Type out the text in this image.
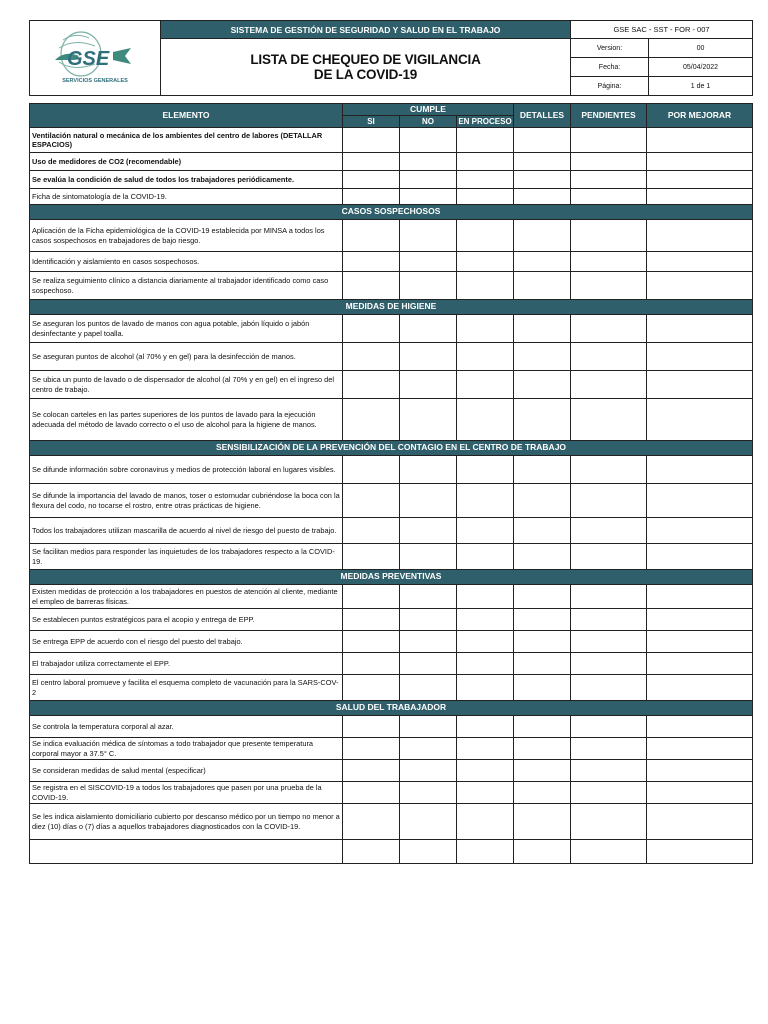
GSE
SERVICIOS GENERALES	SISTEMA DE GESTIÓN DE SEGURIDAD Y SALUD EN EL TRABAJO	GSE SAC - SST - FOR - 007	

	LISTA DE CHEQUEO DE VIGILANCIA
DE LA COVID-19	Version:	00
		Fecha:	05/04/2022
		Página:	1 de 1
ELEMENTO	CUMPLE			DETALLES	PENDIENTES	POR MEJORAR
	SI	NO	EN PROCESO			
Ventilación natural o mecánica de los ambientes del centro de labores (DETALLAR ESPACIOS)						
Uso de medidores de CO2 (recomendable)						
Se evalúa la condición de salud de todos los trabajadores periódicamente.						
Ficha de sintomatología de la COVID-19.						
CASOS SOSPECHOSOS						
Aplicación de la Ficha epidemiológica de la COVID-19 establecida por MINSA a todos los casos sospechosos en trabajadores de bajo riesgo.						
Identificación y aislamiento en casos sospechosos.						
Se realiza seguimiento clínico a distancia diariamente al trabajador identificado como caso sospechoso.						
MEDIDAS DE HIGIENE						
Se aseguran los puntos de lavado de manos con agua potable, jabón líquido o jabón desinfectante y papel toalla.						
Se aseguran puntos de alcohol (al 70% y en gel) para la desinfección de manos.						
Se ubica un punto de lavado o de dispensador de alcohol (al 70% y en gel) en el ingreso del centro de trabajo.						
Se colocan carteles en las partes superiores de los puntos de lavado para la ejecución adecuada del método de lavado correcto o el uso de alcohol para la higiene de manos.						
SENSIBILIZACIÓN DE LA PREVENCIÓN DEL CONTAGIO EN EL CENTRO DE TRABAJO						
Se difunde información sobre coronavirus y medios de protección laboral en lugares visibles.						
Se difunde la importancia del lavado de manos, toser o estornudar cubriéndose la boca con la flexura del codo, no tocarse el rostro, entre otras prácticas de higiene.						
Todos los trabajadores utilizan mascarilla de acuerdo al nivel de riesgo del puesto de trabajo.						
Se facilitan medios para responder las inquietudes de los trabajadores respecto a la COVID-19.						
MEDIDAS PREVENTIVAS						
Existen medidas de protección a los trabajadores en puestos de atención al cliente, mediante el empleo de barreras físicas.						
Se establecen puntos estratégicos para el acopio y entrega de EPP.						
Se entrega EPP de acuerdo con el riesgo del puesto del trabajo.						
El trabajador utiliza correctamente el EPP.						
El centro laboral promueve y facilita el esquema completo de vacunación para la SARS-COV-2						
SALUD DEL TRABAJADOR						
Se controla la temperatura corporal al azar.						
Se indica evaluación médica de síntomas a todo trabajador que presente temperatura corporal mayor a 37.5° C.						
Se consideran medidas de salud mental (especificar)						
Se registra en el SISCOVID-19 a todos los trabajadores que pasen por una prueba de la COVID-19.						
Se les indica aislamiento domiciliario cubierto por descanso médico por un tiempo no menor a diez (10) días o (7) días a aquellos trabajadores diagnosticados con la COVID-19.						
